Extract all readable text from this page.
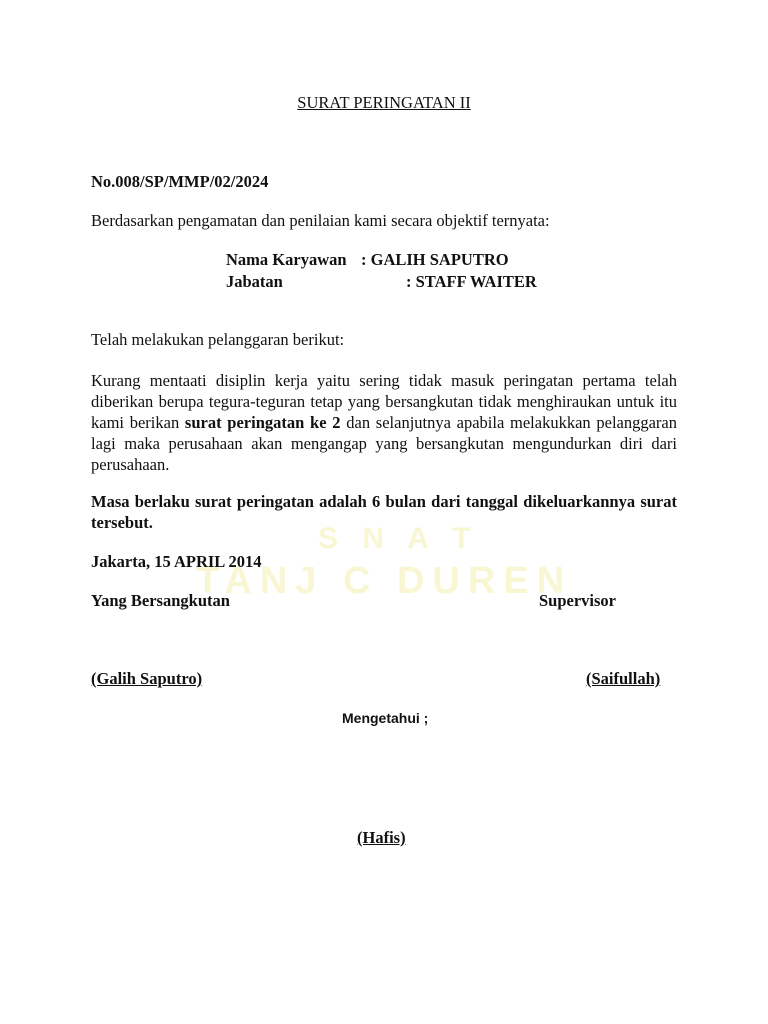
S N A T
TANJ C DUREN
SURAT PERINGATAN II
No.008/SP/MMP/02/2024
Berdasarkan pengamatan dan penilaian kami secara objektif ternyata:
Nama Karyawan : GALIH SAPUTRO
Jabatan	: STAFF WAITER
Telah melakukan pelanggaran berikut:
Kurang mentaati disiplin kerja yaitu sering tidak masuk peringatan pertama telah diberikan berupa tegura-teguran tetap yang bersangkutan tidak menghiraukan untuk itu kami berikan surat peringatan ke 2 dan selanjutnya apabila melakukkan pelanggaran lagi maka perusahaan akan mengangap yang bersangkutan mengundurkan diri dari perusahaan.
Masa berlaku surat peringatan adalah 6 bulan dari tanggal dikeluarkannya surat tersebut.
Jakarta, 15 APRIL 2014
Yang Bersangkutan	Supervisor
(Galih Saputro)	(Saifullah)
Mengetahui ;
(Hafis)
